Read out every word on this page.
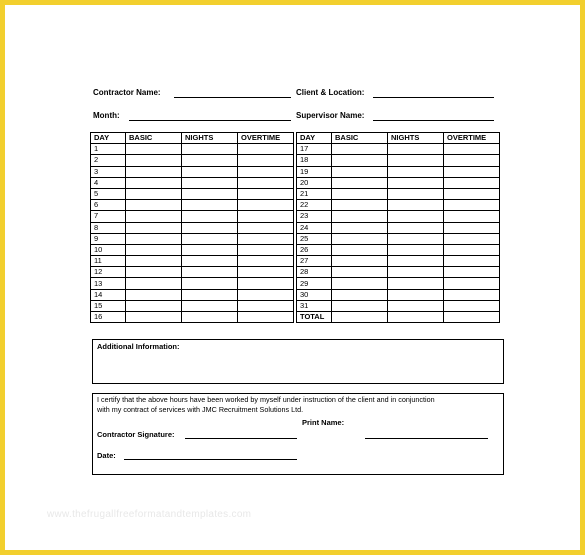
Contractor Name:	Client & Location:
Month:	Supervisor Name:
DAY	BASIC	NIGHTS	OVERTIME		DAY	BASIC	NIGHTS	OVERTIME
1					17			
2					18			
3					19			
4					20			
5					21			
6					22			
7					23			
8					24			
9					25			
10					26			
11					27			
12					28			
13					29			
14					30			
15					31			
16					TOTAL			
Additional Information:
I certify that the above hours have been worked by myself under instruction of the client and in conjunction
with my contract of services with JMC Recruitment Solutions Ltd.
Print Name:
Contractor Signature:
Date:
www.thefrugallfreeformatandtemplates.com
